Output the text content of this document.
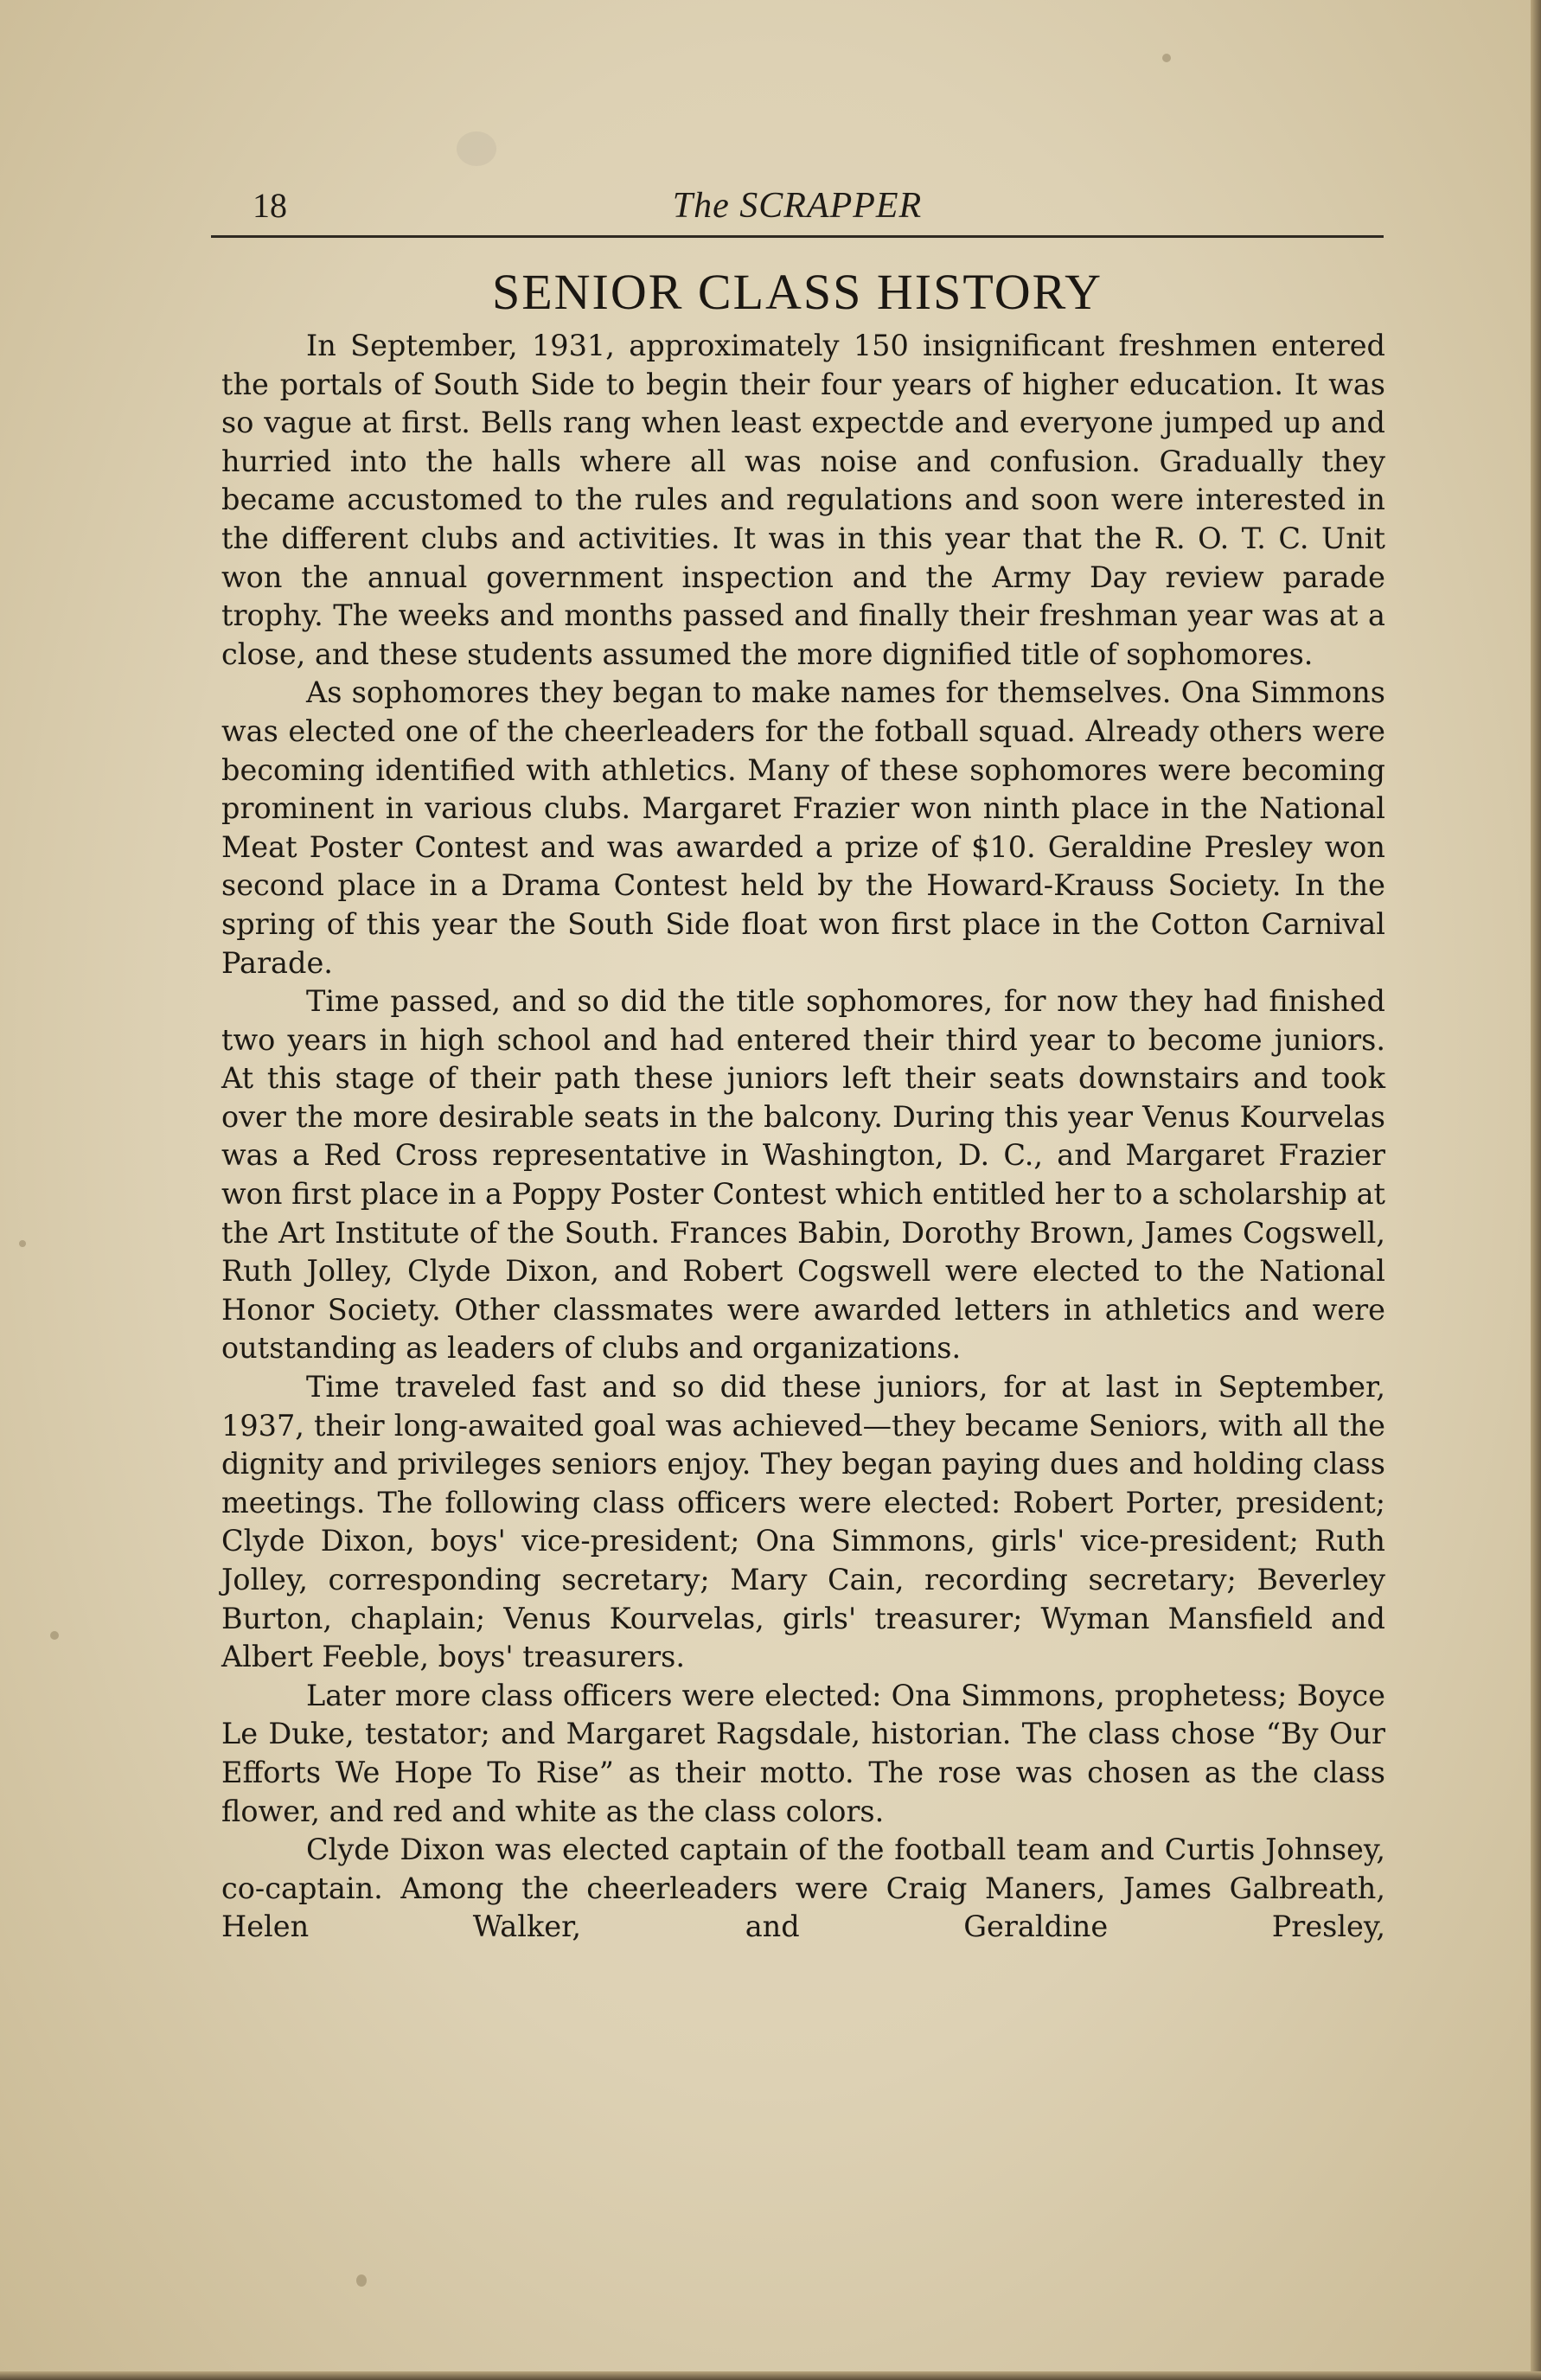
18	The SCRAPPER
SENIOR CLASS HISTORY

In September, 1931, approximately 150 insignificant freshmen entered the portals of South Side to begin their four years of higher education. It was so vague at first. Bells rang when least expectde and everyone jumped up and hurried into the halls where all was noise and confusion. Gradually they became accustomed to the rules and regulations and soon were interested in the different clubs and activities. It was in this year that the R. O. T. C. Unit won the annual government inspection and the Army Day review parade trophy. The weeks and months passed and finally their freshman year was at a close, and these students assumed the more dignified title of sophomores.

As sophomores they began to make names for themselves. Ona Simmons was elected one of the cheerleaders for the fotball squad. Already others were becoming identified with athletics. Many of these sophomores were becoming prominent in various clubs. Margaret Frazier won ninth place in the National Meat Poster Contest and was awarded a prize of $10. Geraldine Presley won second place in a Drama Contest held by the Howard-Krauss Society. In the spring of this year the South Side float won first place in the Cotton Carnival Parade.

Time passed, and so did the title sophomores, for now they had finished two years in high school and had entered their third year to become juniors. At this stage of their path these juniors left their seats downstairs and took over the more desirable seats in the balcony. During this year Venus Kourvelas was a Red Cross representative in Washington, D. C., and Margaret Frazier won first place in a Poppy Poster Contest which entitled her to a scholarship at the Art Institute of the South. Frances Babin, Dorothy Brown, James Cogswell, Ruth Jolley, Clyde Dixon, and Robert Cogswell were elected to the National Honor Society. Other classmates were awarded letters in athletics and were outstanding as leaders of clubs and organizations.

Time traveled fast and so did these juniors, for at last in September, 1937, their long-awaited goal was achieved—they became Seniors, with all the dignity and privileges seniors enjoy. They began paying dues and holding class meetings. The following class officers were elected: Robert Porter, president; Clyde Dixon, boys' vice-president; Ona Simmons, girls' vice-president; Ruth Jolley, corresponding secretary; Mary Cain, recording secretary; Beverley Burton, chaplain; Venus Kourvelas, girls' treasurer; Wyman Mansfield and Albert Feeble, boys' treasurers.

Later more class officers were elected: Ona Simmons, prophetess; Boyce Le Duke, testator; and Margaret Ragsdale, historian. The class chose “By Our Efforts We Hope To Rise” as their motto. The rose was chosen as the class flower, and red and white as the class colors.

Clyde Dixon was elected captain of the football team and Curtis Johnsey, co-captain. Among the cheerleaders were Craig Maners, James Galbreath, Helen Walker, and Geraldine Presley,
